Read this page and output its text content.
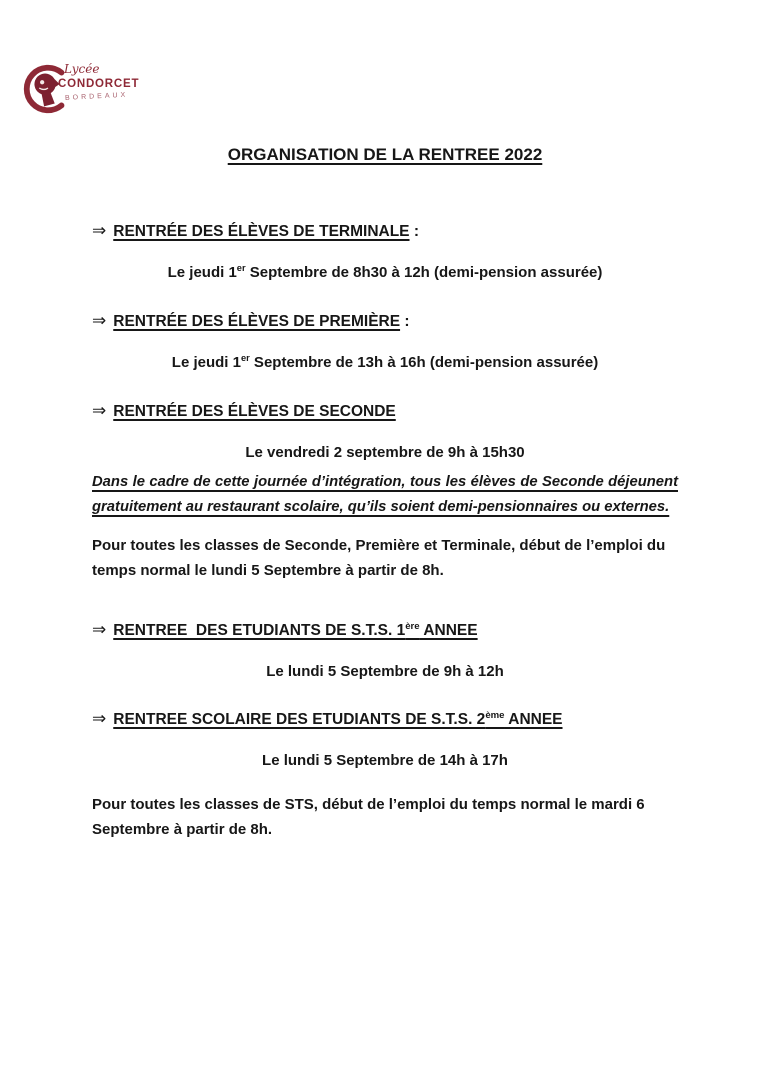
Lycée
CONDORCET
BORDEAUX
ORGANISATION DE LA RENTREE 2022
⇒ RENTRÉE DES ÉLÈVES DE TERMINALE :
Le jeudi 1er Septembre de 8h30 à 12h (demi-pension assurée)
⇒ RENTRÉE DES ÉLÈVES DE PREMIÈRE :
Le jeudi 1er Septembre de 13h à 16h (demi-pension assurée)
⇒ RENTRÉE DES ÉLÈVES DE SECONDE
Le vendredi 2 septembre de 9h à 15h30

Dans le cadre de cette journée d’intégration, tous les élèves de Seconde déjeunent gratuitement au restaurant scolaire, qu’ils soient demi-pensionnaires ou externes.

Pour toutes les classes de Seconde, Première et Terminale, début de l’emploi du temps normal le lundi 5 Septembre à partir de 8h.

⇒ RENTREE  DES ETUDIANTS DE S.T.S. 1ère ANNEE
Le lundi 5 Septembre de 9h à 12h
⇒ RENTREE SCOLAIRE DES ETUDIANTS DE S.T.S. 2ème ANNEE
Le lundi 5 Septembre de 14h à 17h

Pour toutes les classes de STS, début de l’emploi du temps normal le mardi 6 Septembre à partir de 8h.
